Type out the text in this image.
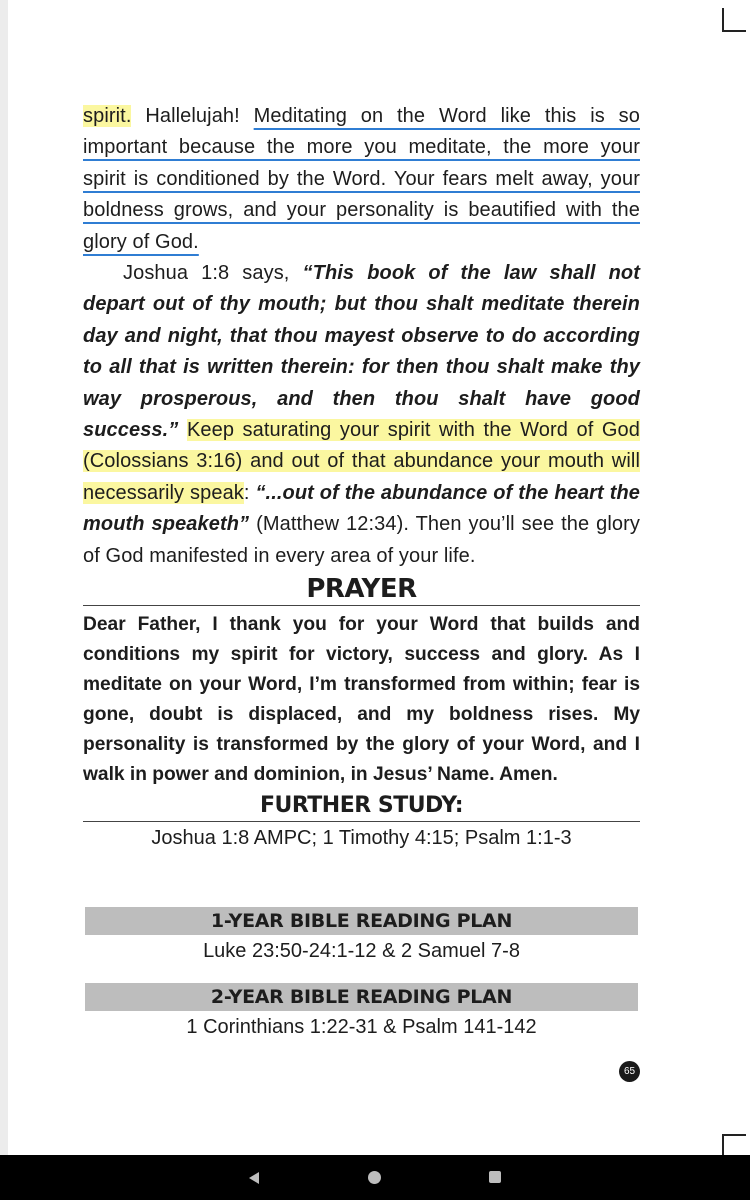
spirit. Hallelujah! Meditating on the Word like this is so important because the more you meditate, the more your spirit is conditioned by the Word. Your fears melt away, your boldness grows, and your personality is beautified with the glory of God.

Joshua 1:8 says, “This book of the law shall not depart out of thy mouth; but thou shalt meditate therein day and night, that thou mayest observe to do according to all that is written therein: for then thou shalt make thy way prosperous, and then thou shalt have good success.” Keep saturating your spirit with the Word of God (Colossians 3:16) and out of that abundance your mouth will necessarily speak: “...out of the abundance of the heart the mouth speaketh” (Matthew 12:34). Then you’ll see the glory of God manifested in every area of your life.

PRAYER

Dear Father, I thank you for your Word that builds and conditions my spirit for victory, success and glory. As I meditate on your Word, I’m transformed from within; fear is gone, doubt is displaced, and my boldness rises. My personality is transformed by the glory of your Word, and I walk in power and dominion, in Jesus’ Name. Amen.

FURTHER STUDY:

Joshua 1:8 AMPC; 1 Timothy 4:15; Psalm 1:1-3

1-YEAR BIBLE READING PLAN
Luke 23:50-24:1-12 & 2 Samuel 7-8
2-YEAR BIBLE READING PLAN
1 Corinthians 1:22-31 & Psalm 141-142
65
